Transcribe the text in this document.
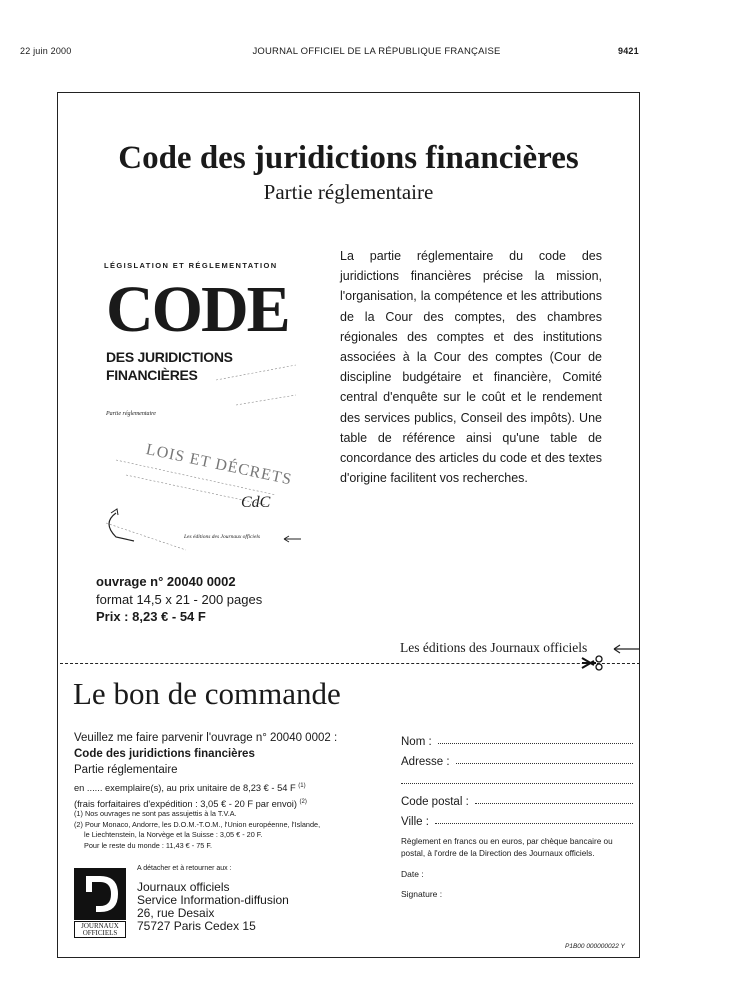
22 juin 2000	JOURNAL OFFICIEL DE LA RÉPUBLIQUE FRANÇAISE	9421
Code des juridictions financières
Partie réglementaire
LÉGISLATION ET RÉGLEMENTATION
CODE
DES JURIDICTIONS
FINANCIÈRES
Partie réglementaire
LOIS ET DÉCRETS
CdC
Les éditions des Journaux officiels
La partie réglementaire du code des juridictions financières précise la mission, l'organisation, la compétence et les attributions de la Cour des comptes, des chambres régionales des comptes et des institutions associées à la Cour des comptes (Cour de discipline budgétaire et financière, Comité central d'enquête sur le coût et le rendement des services publics, Conseil des impôts). Une table de référence ainsi qu'une table de concordance des articles du code et des textes d'origine facilitent vos recherches.
ouvrage n° 20040 0002
format 14,5 x 21 - 200 pages
Prix : 8,23 € - 54 F
Les éditions des Journaux officiels
Le bon de commande
Veuillez me faire parvenir l'ouvrage n° 20040 0002 :
Code des juridictions financières
Partie réglementaire
en ...... exemplaire(s), au prix unitaire de 8,23 € - 54 F $^{(1)}$
(frais forfaitaires d'expédition : 3,05 € - 20 F par envoi) $^{(2)}$
(1) Nos ouvrages ne sont pas assujettis à la T.V.A.
(2) Pour Monaco, Andorre, les D.O.M.-T.O.M., l'Union européenne, l'Islande,
le Liechtenstein, la Norvège et la Suisse : 3,05 € - 20 F.
Pour le reste du monde : 11,43 € - 75 F.
JOURNAUX
OFFICIELS
A détacher et à retourner aux :
Journaux officiels
Service Information-diffusion
26, rue Desaix
75727 Paris Cedex 15
Nom :
Adresse :
Code postal :
Ville :
Règlement en francs ou en euros, par chèque bancaire ou postal, à l'ordre de la Direction des Journaux officiels.
Date :
Signature :
P1B00 000000022 Y
